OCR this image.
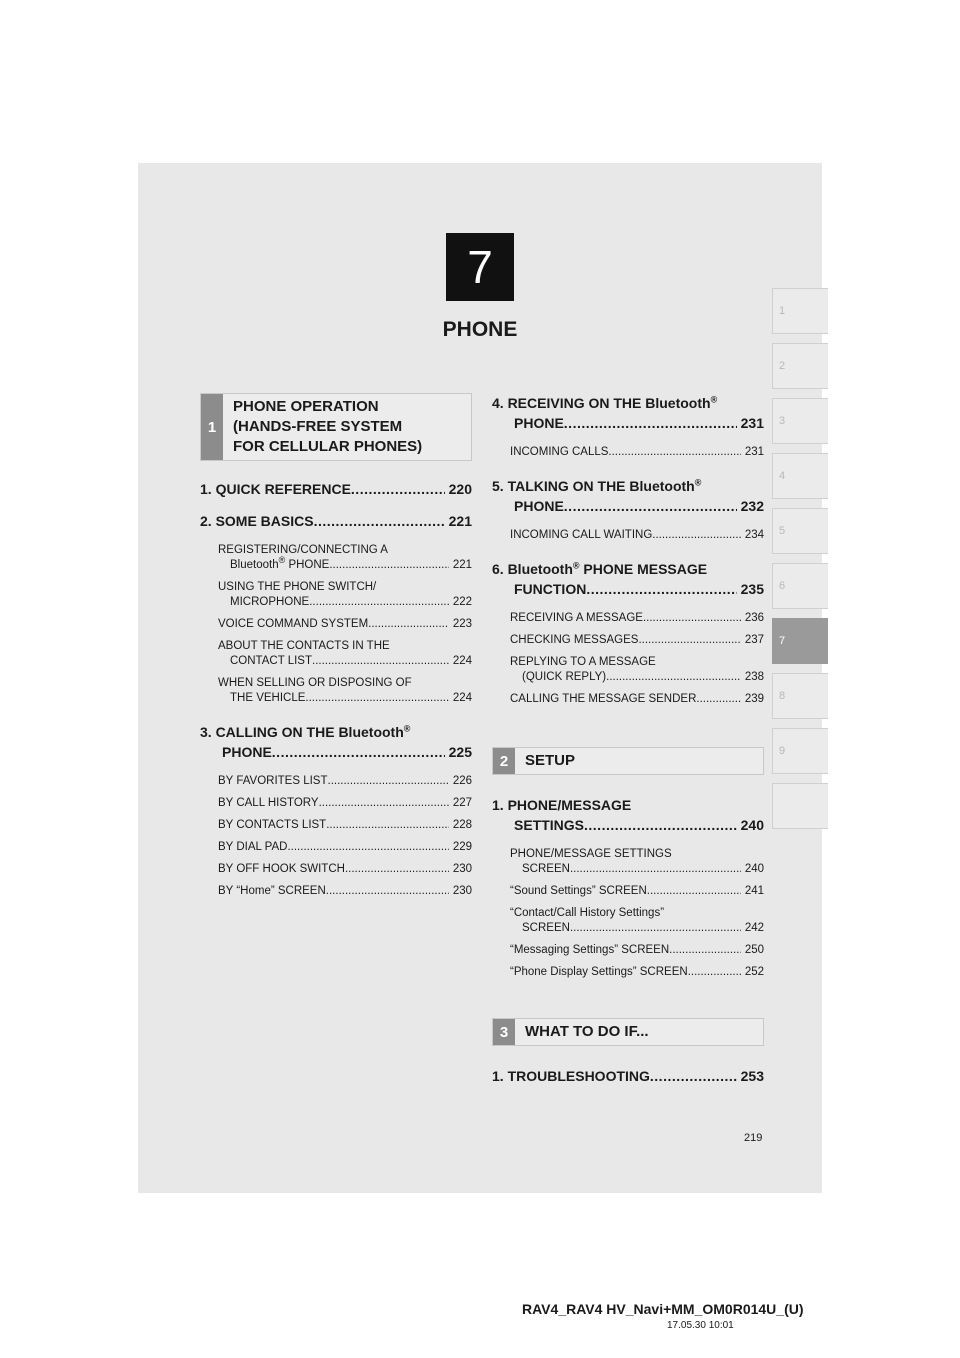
7
PHONE
1
2
3
4
5
6
7
8
9
1
PHONE OPERATION
(HANDS-FREE SYSTEM
FOR CELLULAR PHONES)
1. QUICK REFERENCE .....	220
2. SOME BASICS .....	221
REGISTERING/CONNECTING A
Bluetooth® PHONE .....	221
USING THE PHONE SWITCH/
MICROPHONE .....	222
VOICE COMMAND SYSTEM .....	223
ABOUT THE CONTACTS IN THE
CONTACT LIST .....	224
WHEN SELLING OR DISPOSING OF
THE VEHICLE .....	224
3. CALLING ON THE Bluetooth®
PHONE .....	225
BY FAVORITES LIST .....	226
BY CALL HISTORY .....	227
BY CONTACTS LIST .....	228
BY DIAL PAD .....	229
BY OFF HOOK SWITCH .....	230
BY “Home” SCREEN .....	230
4. RECEIVING ON THE Bluetooth®
PHONE .....	231
INCOMING CALLS .....	231
5. TALKING ON THE Bluetooth®
PHONE .....	232
INCOMING CALL WAITING .....	234
6. Bluetooth® PHONE MESSAGE
FUNCTION .....	235
RECEIVING A MESSAGE .....	236
CHECKING MESSAGES .....	237
REPLYING TO A MESSAGE
(QUICK REPLY) .....	238
CALLING THE MESSAGE SENDER .....	239
2	SETUP
1. PHONE/MESSAGE
SETTINGS .....	240
PHONE/MESSAGE SETTINGS
SCREEN .....	240
“Sound Settings” SCREEN .....	241
“Contact/Call History Settings”
SCREEN .....	242
“Messaging Settings” SCREEN .....	250
“Phone Display Settings” SCREEN .....	252
3	WHAT TO DO IF...
1. TROUBLESHOOTING .....	253
219
RAV4_RAV4 HV_Navi+MM_OM0R014U_(U)
17.05.30 10:01
